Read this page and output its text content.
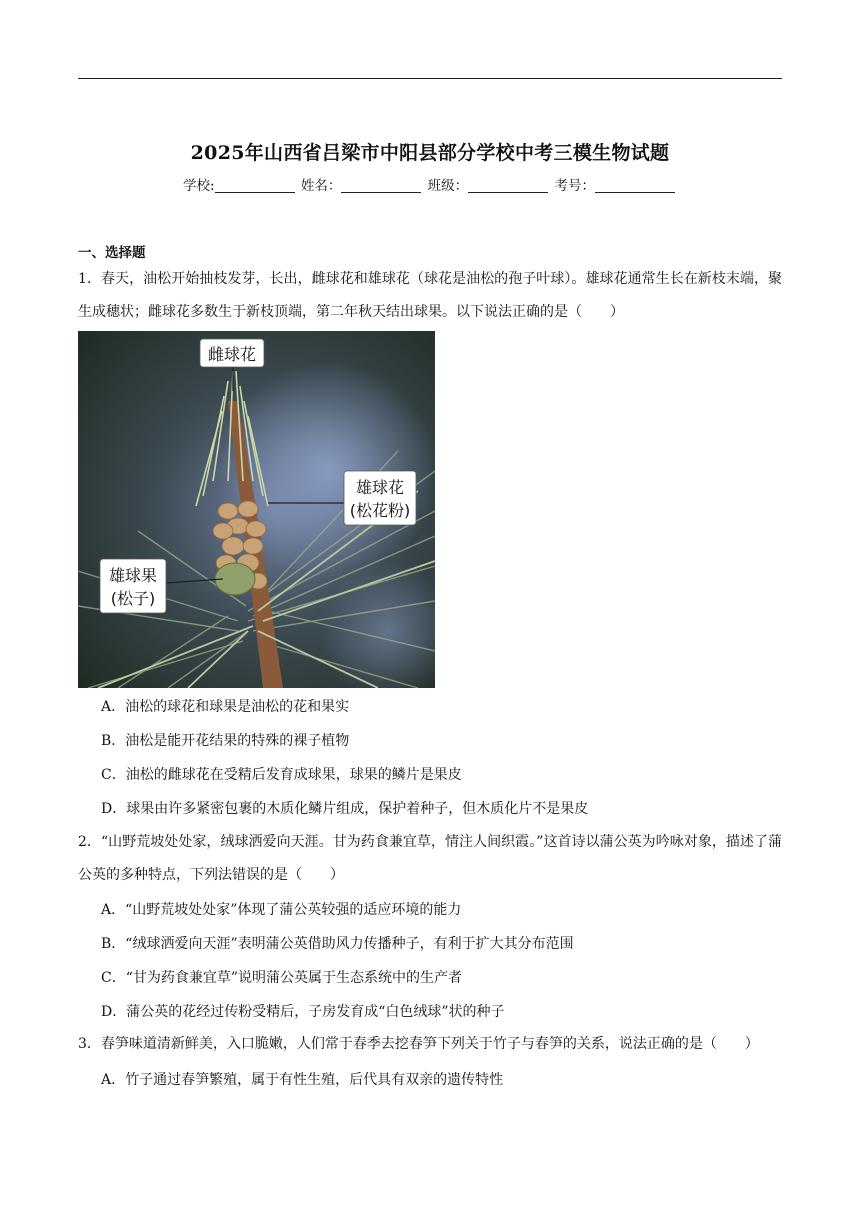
2025年山西省吕梁市中阳县部分学校中考三模生物试题
学校:	姓名：	班级：	考号：
一、选择题
1．春天，油松开始抽枝发芽，长出，雌球花和雄球花（球花是油松的孢子叶球）。雄球花通常生长在新枝末端，聚生成穗状；雌球花多数生于新枝顶端，第二年秋天结出球果。以下说法正确的是（　　）
雌球花
雄球花
(松花粉)
雄球果
(松子)
A．油松的球花和球果是油松的花和果实
B．油松是能开花结果的特殊的裸子植物
C．油松的雌球花在受精后发育成球果，球果的鳞片是果皮
D．球果由许多紧密包裹的木质化鳞片组成，保护着种子，但木质化片不是果皮
2．“山野荒坡处处家，绒球洒爱向天涯。甘为药食兼宜草，情注人间织霞。”这首诗以蒲公英为吟咏对象，描述了蒲公英的多种特点，下列法错误的是（　　）
A．“山野荒坡处处家”体现了蒲公英较强的适应环境的能力
B．“绒球洒爱向天涯”表明蒲公英借助风力传播种子，有利于扩大其分布范围
C．“甘为药食兼宜草”说明蒲公英属于生态系统中的生产者
D．蒲公英的花经过传粉受精后，子房发育成“白色绒球”状的种子
3．春笋味道清新鲜美，入口脆嫩，人们常于春季去挖春笋下列关于竹子与春笋的关系，说法正确的是（　　）
A．竹子通过春笋繁殖，属于有性生殖，后代具有双亲的遗传特性
